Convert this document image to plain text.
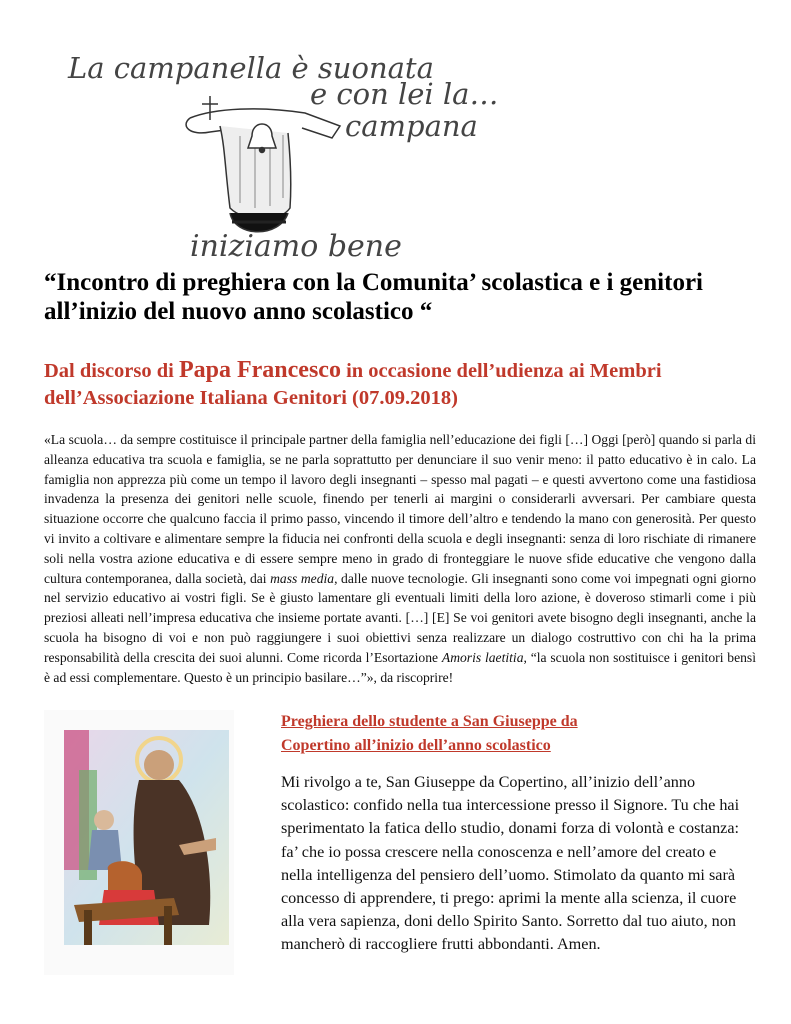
La campanella è suonata
e con lei la…
campana
iniziamo bene
“Incontro di preghiera con la Comunita’ scolastica e i genitori all’inizio del nuovo anno scolastico “
Dal discorso di Papa Francesco in occasione dell’udienza ai Membri dell’Associazione Italiana Genitori (07.09.2018)
«La scuola… da sempre costituisce il principale partner della famiglia nell’educazione dei figli […] Oggi [però] quando si parla di alleanza educativa tra scuola e famiglia, se ne parla soprattutto per denunciare il suo venir meno: il patto educativo è in calo. La famiglia non apprezza più come un tempo il lavoro degli insegnanti – spesso mal pagati – e questi avvertono come una fastidiosa invadenza la presenza dei genitori nelle scuole, finendo per tenerli ai margini o considerarli avversari. Per cambiare questa situazione occorre che qualcuno faccia il primo passo, vincendo il timore dell’altro e tendendo la mano con generosità. Per questo vi invito a coltivare e alimentare sempre la fiducia nei confronti della scuola e degli insegnanti: senza di loro rischiate di rimanere soli nella vostra azione educativa e di essere sempre meno in grado di fronteggiare le nuove sfide educative che vengono dalla cultura contemporanea, dalla società, dai mass media, dalle nuove tecnologie. Gli insegnanti sono come voi impegnati ogni giorno nel servizio educativo ai vostri figli. Se è giusto lamentare gli eventuali limiti della loro azione, è doveroso stimarli come i più preziosi alleati nell’impresa educativa che insieme portate avanti. […] [E] Se voi genitori avete bisogno degli insegnanti, anche la scuola ha bisogno di voi e non può raggiungere i suoi obiettivi senza realizzare un dialogo costruttivo con chi ha la prima responsabilità della crescita dei suoi alunni. Come ricorda l’Esortazione Amoris laetitia, “la scuola non sostituisce i genitori bensì è ad essi complementare. Questo è un principio basilare…”», da riscoprire!
Preghiera dello studente a San Giuseppe da
Copertino all’inizio dell’anno scolastico
Mi rivolgo a te, San Giuseppe da Copertino, all’inizio dell’anno scolastico: confido nella tua intercessione presso il Signore. Tu che hai sperimentato la fatica dello studio, donami forza di volontà e costanza: fa’ che io possa crescere nella conoscenza e nell’amore del creato e nella intelligenza del pensiero dell’uomo. Stimolato da quanto mi sarà concesso di apprendere, ti prego: aprimi la mente alla scienza, il cuore alla vera sapienza, doni dello Spirito Santo. Sorretto dal tuo aiuto, non mancherò di raccogliere frutti abbondanti. Amen.
